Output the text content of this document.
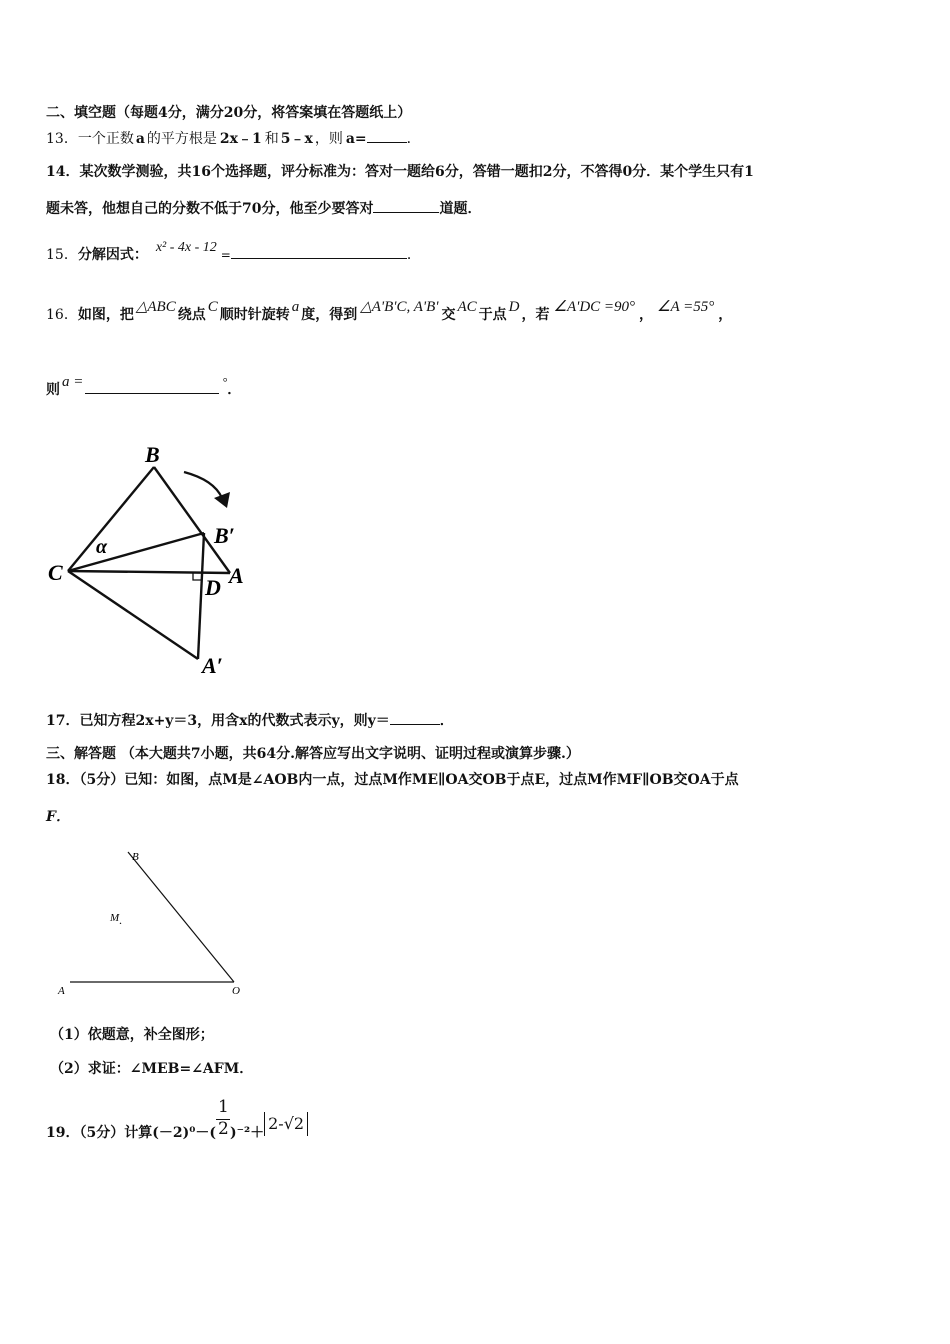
二、填空题（每题4分，满分20分，将答案填在答题纸上）
13．一个正数 a 的平方根是 2x﹣1 和 5﹣x ，则 a=	．
14．某次数学测验，共16个选择题，评分标准为：答对一题给6分，答错一题扣2分，不答得0分．某个学生只有1
题未答，他想自己的分数不低于70分，他至少要答对	道题．
15．分解因式： x² - 4x - 12 =	．
16．如图，把 △ABC 绕点 C 顺时针旋转 a 度，得到 △A'B'C, A'B' 交 AC 于点 D ，若 ∠A'DC =90° ， ∠A =55° ，
则 a =	°．
B
B′
C	A
D
A′
α
17．已知方程2x+y＝3，用含x的代数式表示y，则y＝	．
三、解答题 （本大题共7小题，共64分.解答应写出文字说明、证明过程或演算步骤.）
18．（5分）已知：如图，点M是∠AOB内一点，过点M作ME∥OA交OB于点E，过点M作MF∥OB交OA于点
F．
B
M .
A	O
（1）依题意，补全图形；
（2）求证：∠MEB=∠AFM．
19．（5分）计算$(-2)^0-( \frac{1}{2} )^{-2}+ 2-√2$
